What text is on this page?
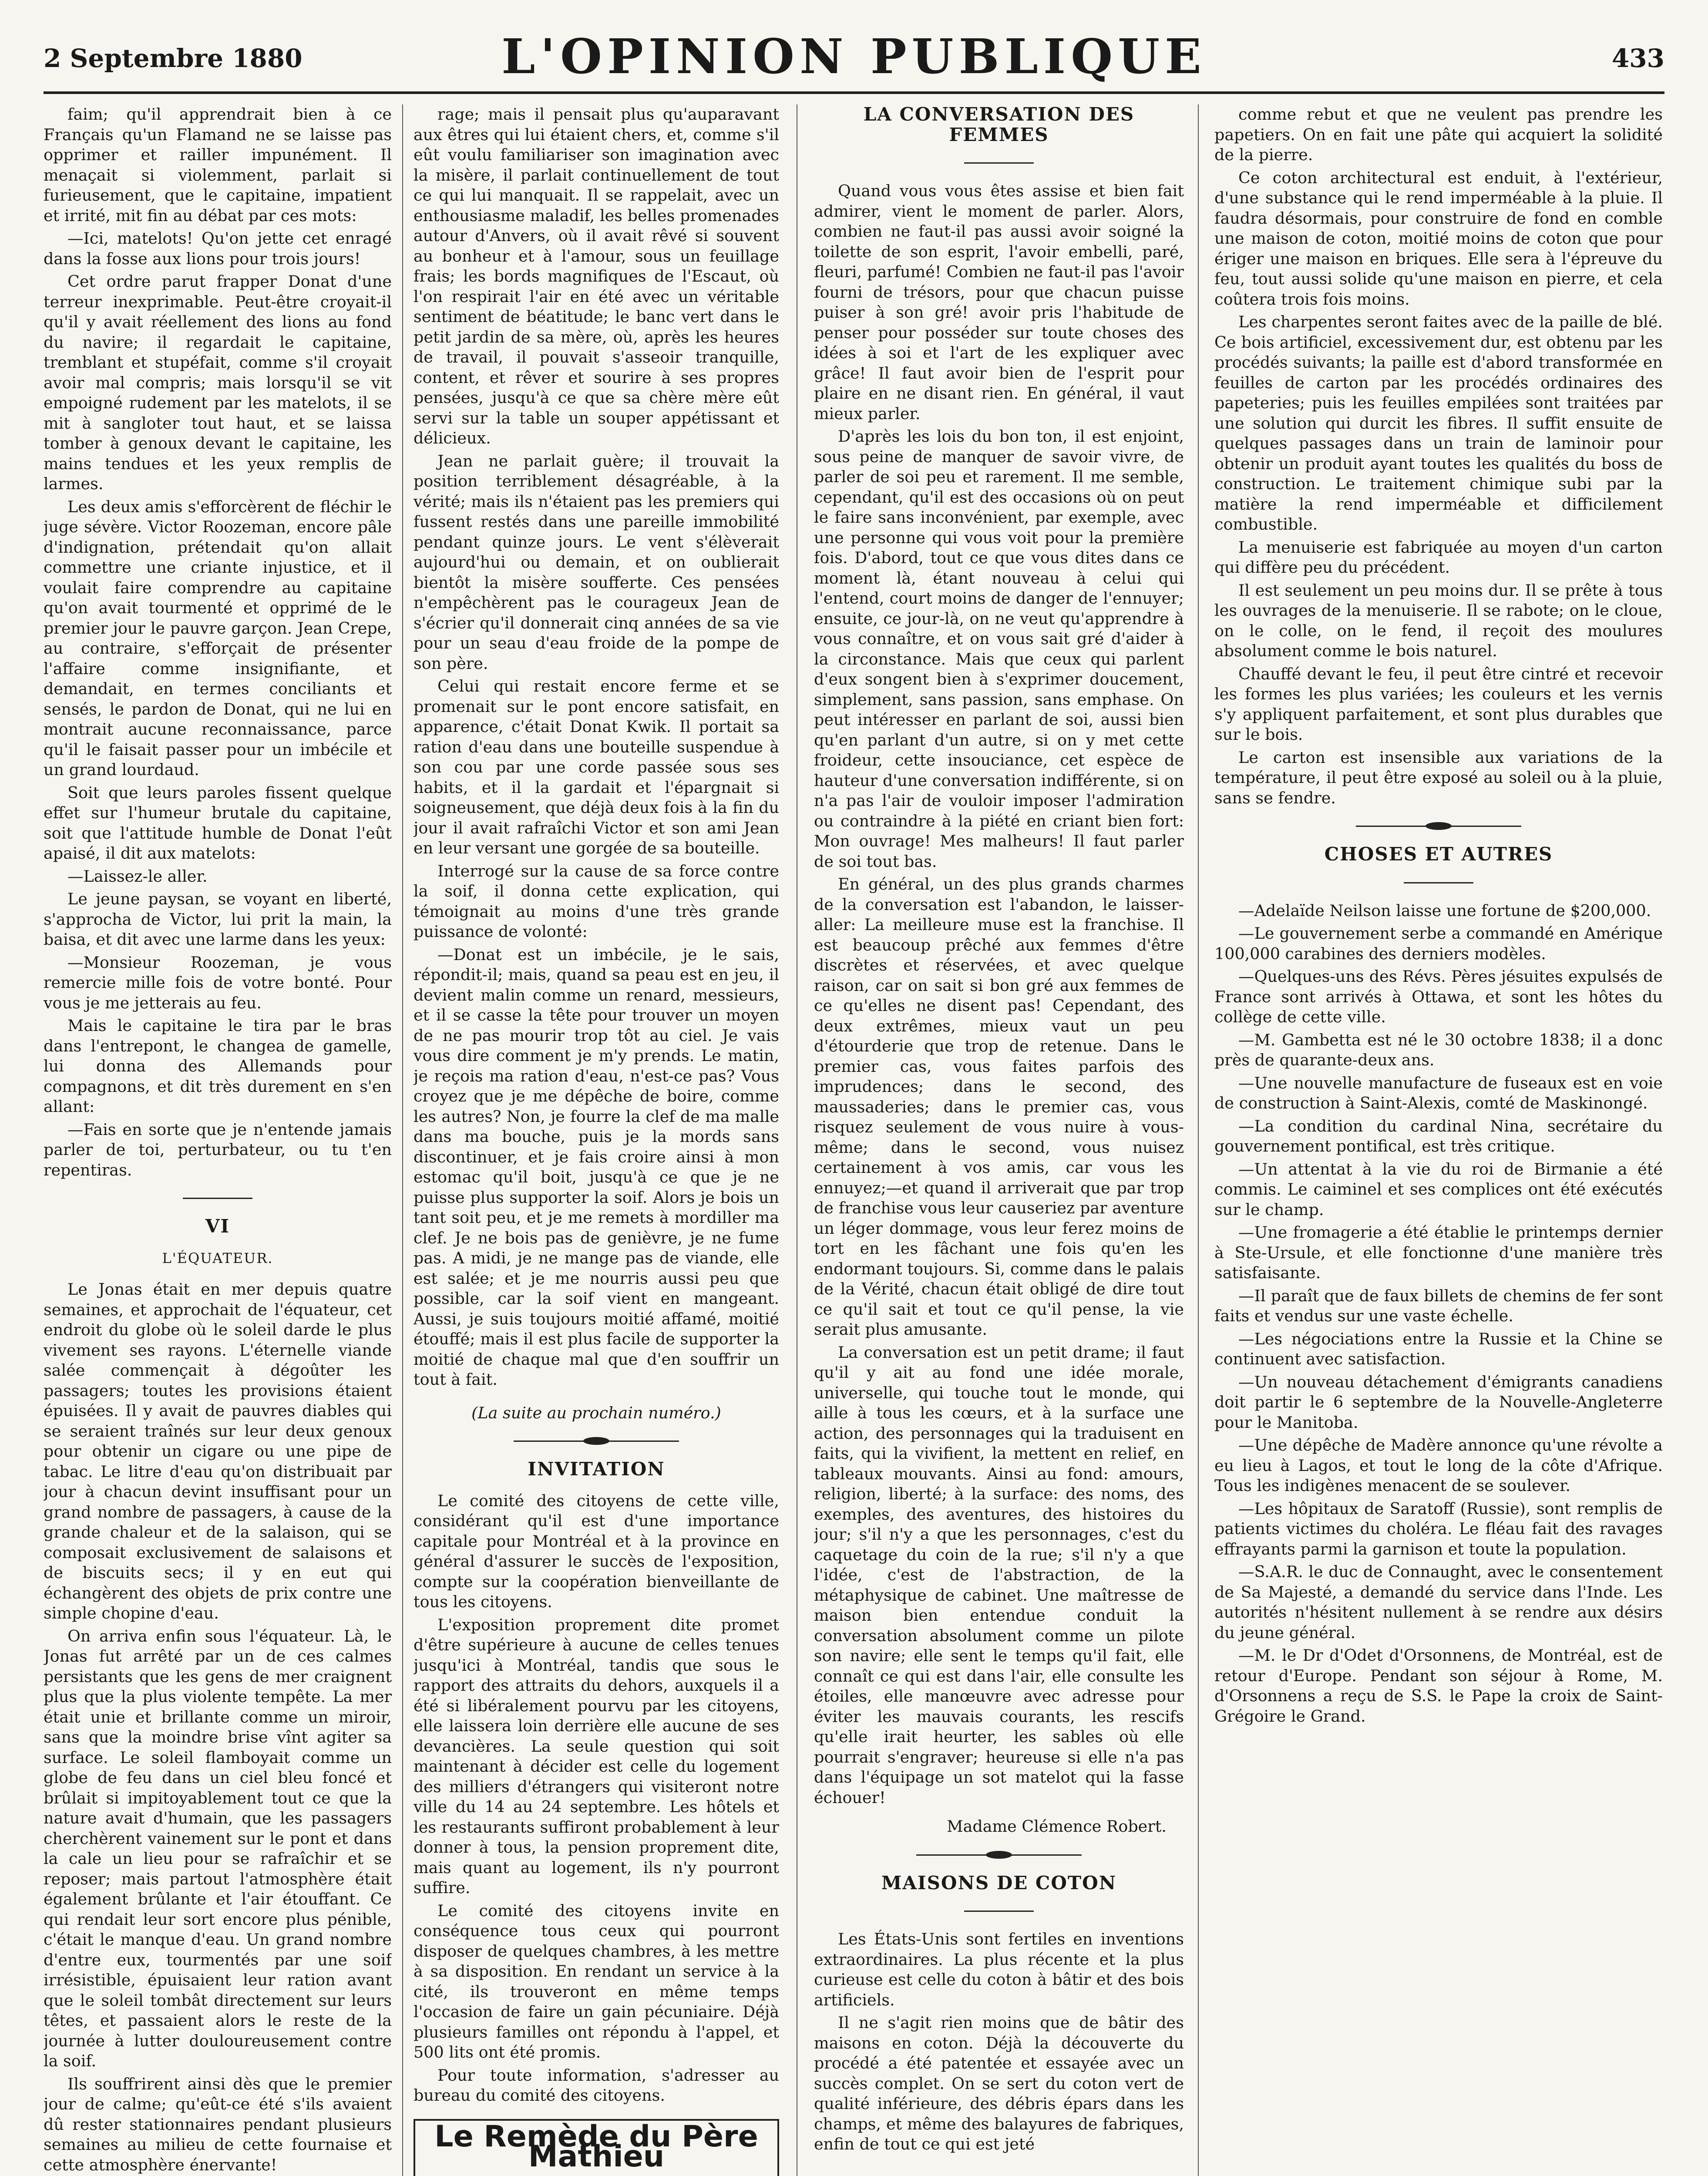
2 Septembre 1880	L'OPINION PUBLIQUE	433

faim; qu'il apprendrait bien à ce Français qu'un Flamand ne se laisse pas opprimer et railler impunément. Il menaçait si violemment, parlait si furieusement, que le capitaine, impatient et irrité, mit fin au débat par ces mots:

—Ici, matelots! Qu'on jette cet enragé dans la fosse aux lions pour trois jours!

Cet ordre parut frapper Donat d'une terreur inexprimable. Peut-être croyait-il qu'il y avait réellement des lions au fond du navire; il regardait le capitaine, tremblant et stupéfait, comme s'il croyait avoir mal compris; mais lorsqu'il se vit empoigné rudement par les matelots, il se mit à sangloter tout haut, et se laissa tomber à genoux devant le capitaine, les mains tendues et les yeux remplis de larmes.

Les deux amis s'efforcèrent de fléchir le juge sévère. Victor Roozeman, encore pâle d'indignation, prétendait qu'on allait commettre une criante injustice, et il voulait faire comprendre au capitaine qu'on avait tourmenté et opprimé de le premier jour le pauvre garçon. Jean Crepe, au contraire, s'efforçait de présenter l'affaire comme insignifiante, et demandait, en termes conciliants et sensés, le pardon de Donat, qui ne lui en montrait aucune reconnaissance, parce qu'il le faisait passer pour un imbécile et un grand lourdaud.

Soit que leurs paroles fissent quelque effet sur l'humeur brutale du capitaine, soit que l'attitude humble de Donat l'eût apaisé, il dit aux matelots:

—Laissez-le aller.

Le jeune paysan, se voyant en liberté, s'approcha de Victor, lui prit la main, la baisa, et dit avec une larme dans les yeux:

—Monsieur Roozeman, je vous remercie mille fois de votre bonté. Pour vous je me jetterais au feu.

Mais le capitaine le tira par le bras dans l'entrepont, le changea de gamelle, lui donna des Allemands pour compagnons, et dit très durement en s'en allant:

—Fais en sorte que je n'entende jamais parler de toi, perturbateur, ou tu t'en repentiras.

VI
L'ÉQUATEUR.

Le Jonas était en mer depuis quatre semaines, et approchait de l'équateur, cet endroit du globe où le soleil darde le plus vivement ses rayons. L'éternelle viande salée commençait à dégoûter les passagers; toutes les provisions étaient épuisées. Il y avait de pauvres diables qui se seraient traînés sur leur deux genoux pour obtenir un cigare ou une pipe de tabac. Le litre d'eau qu'on distribuait par jour à chacun devint insuffisant pour un grand nombre de passagers, à cause de la grande chaleur et de la salaison, qui se composait exclusivement de salaisons et de biscuits secs; il y en eut qui échangèrent des objets de prix contre une simple chopine d'eau.

On arriva enfin sous l'équateur. Là, le Jonas fut arrêté par un de ces calmes persistants que les gens de mer craignent plus que la plus violente tempête. La mer était unie et brillante comme un miroir, sans que la moindre brise vînt agiter sa surface. Le soleil flamboyait comme un globe de feu dans un ciel bleu foncé et brûlait si impitoyablement tout ce que la nature avait d'humain, que les passagers cherchèrent vainement sur le pont et dans la cale un lieu pour se rafraîchir et se reposer; mais partout l'atmosphère était également brûlante et l'air étouffant. Ce qui rendait leur sort encore plus pénible, c'était le manque d'eau. Un grand nombre d'entre eux, tourmentés par une soif irrésistible, épuisaient leur ration avant que le soleil tombât directement sur leurs têtes, et passaient alors le reste de la journée à lutter douloureusement contre la soif.

Ils souffrirent ainsi dès que le premier jour de calme; qu'eût-ce été s'ils avaient dû rester stationnaires pendant plusieurs semaines au milieu de cette fournaise et cette atmosphère énervante!

rage; mais il pensait plus qu'auparavant aux êtres qui lui étaient chers, et, comme s'il eût voulu familiariser son imagination avec la misère, il parlait continuellement de tout ce qui lui manquait. Il se rappelait, avec un enthousiasme maladif, les belles promenades autour d'Anvers, où il avait rêvé si souvent au bonheur et à l'amour, sous un feuillage frais; les bords magnifiques de l'Escaut, où l'on respirait l'air en été avec un véritable sentiment de béatitude; le banc vert dans le petit jardin de sa mère, où, après les heures de travail, il pouvait s'asseoir tranquille, content, et rêver et sourire à ses propres pensées, jusqu'à ce que sa chère mère eût servi sur la table un souper appétissant et délicieux.

Jean ne parlait guère; il trouvait la position terriblement désagréable, à la vérité; mais ils n'étaient pas les premiers qui fussent restés dans une pareille immobilité pendant quinze jours. Le vent s'élèverait aujourd'hui ou demain, et on oublierait bientôt la misère soufferte. Ces pensées n'empêchèrent pas le courageux Jean de s'écrier qu'il donnerait cinq années de sa vie pour un seau d'eau froide de la pompe de son père.

Celui qui restait encore ferme et se promenait sur le pont encore satisfait, en apparence, c'était Donat Kwik. Il portait sa ration d'eau dans une bouteille suspendue à son cou par une corde passée sous ses habits, et il la gardait et l'épargnait si soigneusement, que déjà deux fois à la fin du jour il avait rafraîchi Victor et son ami Jean en leur versant une gorgée de sa bouteille.

Interrogé sur la cause de sa force contre la soif, il donna cette explication, qui témoignait au moins d'une très grande puissance de volonté:

—Donat est un imbécile, je le sais, répondit-il; mais, quand sa peau est en jeu, il devient malin comme un renard, messieurs, et il se casse la tête pour trouver un moyen de ne pas mourir trop tôt au ciel. Je vais vous dire comment je m'y prends. Le matin, je reçois ma ration d'eau, n'est-ce pas? Vous croyez que je me dépêche de boire, comme les autres? Non, je fourre la clef de ma malle dans ma bouche, puis je la mords sans discontinuer, et je fais croire ainsi à mon estomac qu'il boit, jusqu'à ce que je ne puisse plus supporter la soif. Alors je bois un tant soit peu, et je me remets à mordiller ma clef. Je ne bois pas de genièvre, je ne fume pas. A midi, je ne mange pas de viande, elle est salée; et je me nourris aussi peu que possible, car la soif vient en mangeant. Aussi, je suis toujours moitié affamé, moitié étouffé; mais il est plus facile de supporter la moitié de chaque mal que d'en souffrir un tout à fait.

(La suite au prochain numéro.)

INVITATION

Le comité des citoyens de cette ville, considérant qu'il est d'une importance capitale pour Montréal et à la province en général d'assurer le succès de l'exposition, compte sur la coopération bienveillante de tous les citoyens.

L'exposition proprement dite promet d'être supérieure à aucune de celles tenues jusqu'ici à Montréal, tandis que sous le rapport des attraits du dehors, auxquels il a été si libéralement pourvu par les citoyens, elle laissera loin derrière elle aucune de ses devancières. La seule question qui soit maintenant à décider est celle du logement des milliers d'étrangers qui visiteront notre ville du 14 au 24 septembre. Les hôtels et les restaurants suffiront probablement à leur donner à tous, la pension proprement dite, mais quant au logement, ils n'y pourront suffire.

Le comité des citoyens invite en conséquence tous ceux qui pourront disposer de quelques chambres, à les mettre à sa disposition. En rendant un service à la cité, ils trouveront en même temps l'occasion de faire un gain pécuniaire. Déjà plusieurs familles ont répondu à l'appel, et 500 lits ont été promis.

Pour toute information, s'adresser au bureau du comité des citoyens.

Le Remède du Père Mathieu
LA CONVERSATION DES FEMMES

Quand vous vous êtes assise et bien fait admirer, vient le moment de parler. Alors, combien ne faut-il pas aussi avoir soigné la toilette de son esprit, l'avoir embelli, paré, fleuri, parfumé! Combien ne faut-il pas l'avoir fourni de trésors, pour que chacun puisse puiser à son gré! avoir pris l'habitude de penser pour posséder sur toute choses des idées à soi et l'art de les expliquer avec grâce! Il faut avoir bien de l'esprit pour plaire en ne disant rien. En général, il vaut mieux parler.

D'après les lois du bon ton, il est enjoint, sous peine de manquer de savoir vivre, de parler de soi peu et rarement. Il me semble, cependant, qu'il est des occasions où on peut le faire sans inconvénient, par exemple, avec une personne qui vous voit pour la première fois. D'abord, tout ce que vous dites dans ce moment là, étant nouveau à celui qui l'entend, court moins de danger de l'ennuyer; ensuite, ce jour-là, on ne veut qu'apprendre à vous connaître, et on vous sait gré d'aider à la circonstance. Mais que ceux qui parlent d'eux songent bien à s'exprimer doucement, simplement, sans passion, sans emphase. On peut intéresser en parlant de soi, aussi bien qu'en parlant d'un autre, si on y met cette froideur, cette insouciance, cet espèce de hauteur d'une conversation indifférente, si on n'a pas l'air de vouloir imposer l'admiration ou contraindre à la piété en criant bien fort: Mon ouvrage! Mes malheurs! Il faut parler de soi tout bas.

En général, un des plus grands charmes de la conversation est l'abandon, le laisser-aller: La meilleure muse est la franchise. Il est beaucoup prêché aux femmes d'être discrètes et réservées, et avec quelque raison, car on sait si bon gré aux femmes de ce qu'elles ne disent pas! Cependant, des deux extrêmes, mieux vaut un peu d'étourderie que trop de retenue. Dans le premier cas, vous faites parfois des imprudences; dans le second, des maussaderies; dans le premier cas, vous risquez seulement de vous nuire à vous-même; dans le second, vous nuisez certainement à vos amis, car vous les ennuyez;—et quand il arriverait que par trop de franchise vous leur causeriez par aventure un léger dommage, vous leur ferez moins de tort en les fâchant une fois qu'en les endormant toujours. Si, comme dans le palais de la Vérité, chacun était obligé de dire tout ce qu'il sait et tout ce qu'il pense, la vie serait plus amusante.

La conversation est un petit drame; il faut qu'il y ait au fond une idée morale, universelle, qui touche tout le monde, qui aille à tous les cœurs, et à la surface une action, des personnages qui la traduisent en faits, qui la vivifient, la mettent en relief, en tableaux mouvants. Ainsi au fond: amours, religion, liberté; à la surface: des noms, des exemples, des aventures, des histoires du jour; s'il n'y a que les personnages, c'est du caquetage du coin de la rue; s'il n'y a que l'idée, c'est de l'abstraction, de la métaphysique de cabinet. Une maîtresse de maison bien entendue conduit la conversation absolument comme un pilote son navire; elle sent le temps qu'il fait, elle connaît ce qui est dans l'air, elle consulte les étoiles, elle manœuvre avec adresse pour éviter les mauvais courants, les rescifs qu'elle irait heurter, les sables où elle pourrait s'engraver; heureuse si elle n'a pas dans l'équipage un sot matelot qui la fasse échouer!

Madame Clémence Robert.

MAISONS DE COTON

Les États-Unis sont fertiles en inventions extraordinaires. La plus récente et la plus curieuse est celle du coton à bâtir et des bois artificiels.

Il ne s'agit rien moins que de bâtir des maisons en coton. Déjà la découverte du procédé a été patentée et essayée avec un succès complet. On se sert du coton vert de qualité inférieure, des débris épars dans les champs, et même des balayures de fabriques, enfin de tout ce qui est jeté

comme rebut et que ne veulent pas prendre les papetiers. On en fait une pâte qui acquiert la solidité de la pierre.

Ce coton architectural est enduit, à l'extérieur, d'une substance qui le rend imperméable à la pluie. Il faudra désormais, pour construire de fond en comble une maison de coton, moitié moins de coton que pour ériger une maison en briques. Elle sera à l'épreuve du feu, tout aussi solide qu'une maison en pierre, et cela coûtera trois fois moins.

Les charpentes seront faites avec de la paille de blé. Ce bois artificiel, excessivement dur, est obtenu par les procédés suivants; la paille est d'abord transformée en feuilles de carton par les procédés ordinaires des papeteries; puis les feuilles empilées sont traitées par une solution qui durcit les fibres. Il suffit ensuite de quelques passages dans un train de laminoir pour obtenir un produit ayant toutes les qualités du boss de construction. Le traitement chimique subi par la matière la rend imperméable et difficilement combustible.

La menuiserie est fabriquée au moyen d'un carton qui diffère peu du précédent.

Il est seulement un peu moins dur. Il se prête à tous les ouvrages de la menuiserie. Il se rabote; on le cloue, on le colle, on le fend, il reçoit des moulures absolument comme le bois naturel.

Chauffé devant le feu, il peut être cintré et recevoir les formes les plus variées; les couleurs et les vernis s'y appliquent parfaitement, et sont plus durables que sur le bois.

Le carton est insensible aux variations de la température, il peut être exposé au soleil ou à la pluie, sans se fendre.

CHOSES ET AUTRES

—Adelaïde Neilson laisse une fortune de $200,000.

—Le gouvernement serbe a commandé en Amérique 100,000 carabines des derniers modèles.

—Quelques-uns des Révs. Pères jésuites expulsés de France sont arrivés à Ottawa, et sont les hôtes du collège de cette ville.

—M. Gambetta est né le 30 octobre 1838; il a donc près de quarante-deux ans.

—Une nouvelle manufacture de fuseaux est en voie de construction à Saint-Alexis, comté de Maskinongé.

—La condition du cardinal Nina, secrétaire du gouvernement pontifical, est très critique.

—Un attentat à la vie du roi de Birmanie a été commis. Le caiminel et ses complices ont été exécutés sur le champ.

—Une fromagerie a été établie le printemps dernier à Ste-Ursule, et elle fonctionne d'une manière très satisfaisante.

—Il paraît que de faux billets de chemins de fer sont faits et vendus sur une vaste échelle.

—Les négociations entre la Russie et la Chine se continuent avec satisfaction.

—Un nouveau détachement d'émigrants canadiens doit partir le 6 septembre de la Nouvelle-Angleterre pour le Manitoba.

—Une dépêche de Madère annonce qu'une révolte a eu lieu à Lagos, et tout le long de la côte d'Afrique. Tous les indigènes menacent de se soulever.

—Les hôpitaux de Saratoff (Russie), sont remplis de patients victimes du choléra. Le fléau fait des ravages effrayants parmi la garnison et toute la population.

—S.A.R. le duc de Connaught, avec le consentement de Sa Majesté, a demandé du service dans l'Inde. Les autorités n'hésitent nullement à se rendre aux désirs du jeune général.

—M. le Dr d'Odet d'Orsonnens, de Montréal, est de retour d'Europe. Pendant son séjour à Rome, M. d'Orsonnens a reçu de S.S. le Pape la croix de Saint-Grégoire le Grand.
